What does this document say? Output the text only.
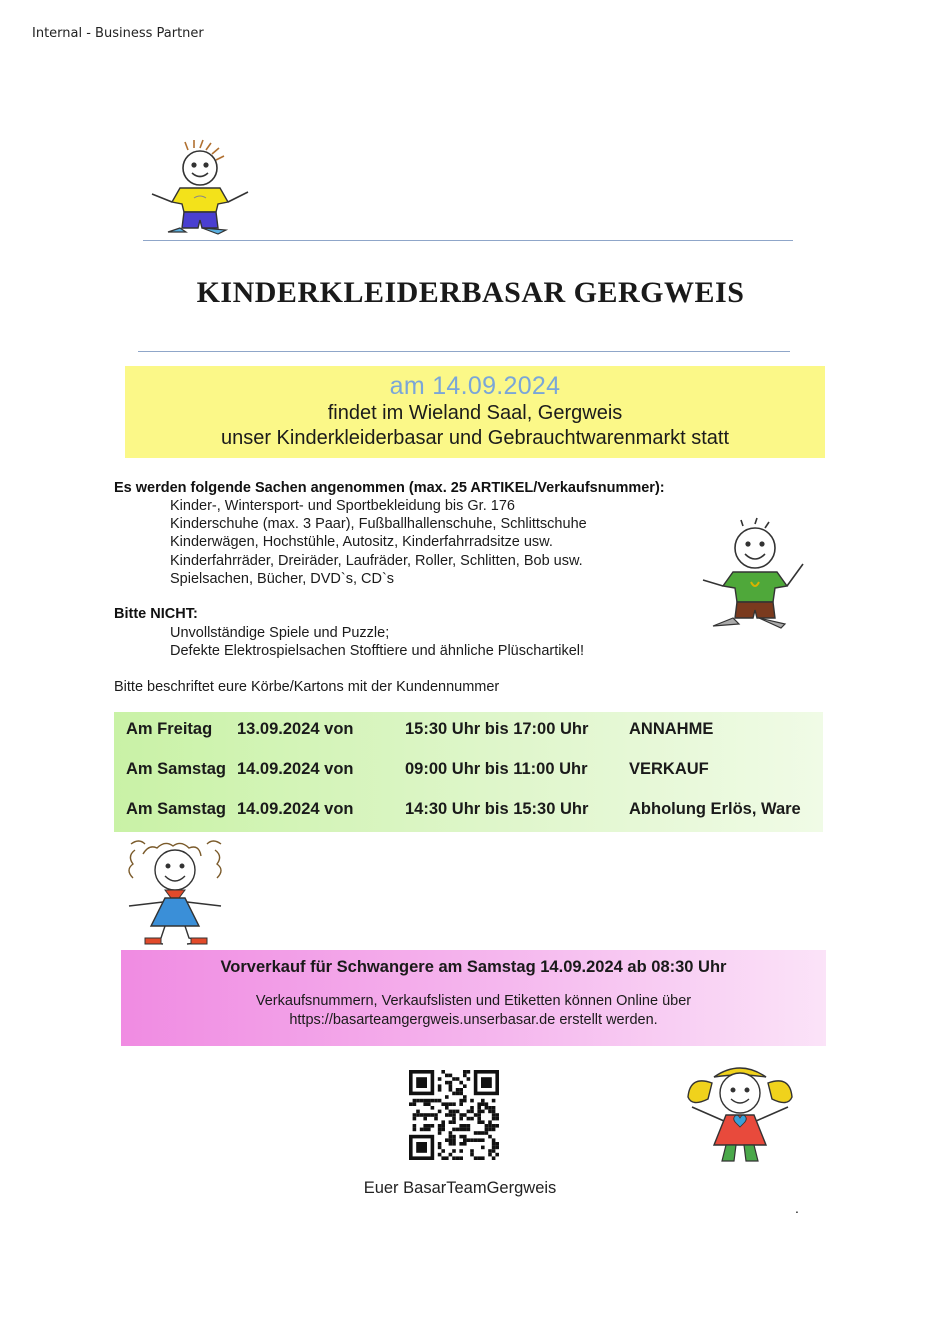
Internal - Business Partner
KINDERKLEIDERBASAR GERGWEIS
am 14.09.2024
findet im Wieland Saal, Gergweis
unser Kinderkleiderbasar und Gebrauchtwarenmarkt statt
Es werden folgende Sachen angenommen (max. 25 ARTIKEL/Verkaufsnummer):
Kinder-, Wintersport- und Sportbekleidung bis Gr. 176
Kinderschuhe (max. 3 Paar), Fußballhallenschuhe, Schlittschuhe
Kinderwägen, Hochstühle, Autositz, Kinderfahrradsitze usw.
Kinderfahrräder, Dreiräder, Laufräder, Roller, Schlitten, Bob usw.
Spielsachen, Bücher, DVD`s, CD`s
Bitte NICHT:
Unvollständige Spiele und Puzzle;
Defekte Elektrospielsachen Stofftiere und ähnliche Plüschartikel!
Bitte beschriftet eure Körbe/Kartons mit der Kundennummer
Am Freitag 13.09.2024 von	15:30 Uhr bis 17:00 Uhr ANNAHME
Am Samstag 14.09.2024 von	09:00 Uhr bis 11:00 Uhr	VERKAUF
Am Samstag 14.09.2024 von	14:30 Uhr bis 15:30 Uhr Abholung Erlös, Ware
Vorverkauf für Schwangere am Samstag 14.09.2024 ab 08:30 Uhr
Verkaufsnummern, Verkaufslisten und Etiketten können Online über
https://basarteamgergweis.unserbasar.de erstellt werden.
Euer BasarTeamGergweis
.
